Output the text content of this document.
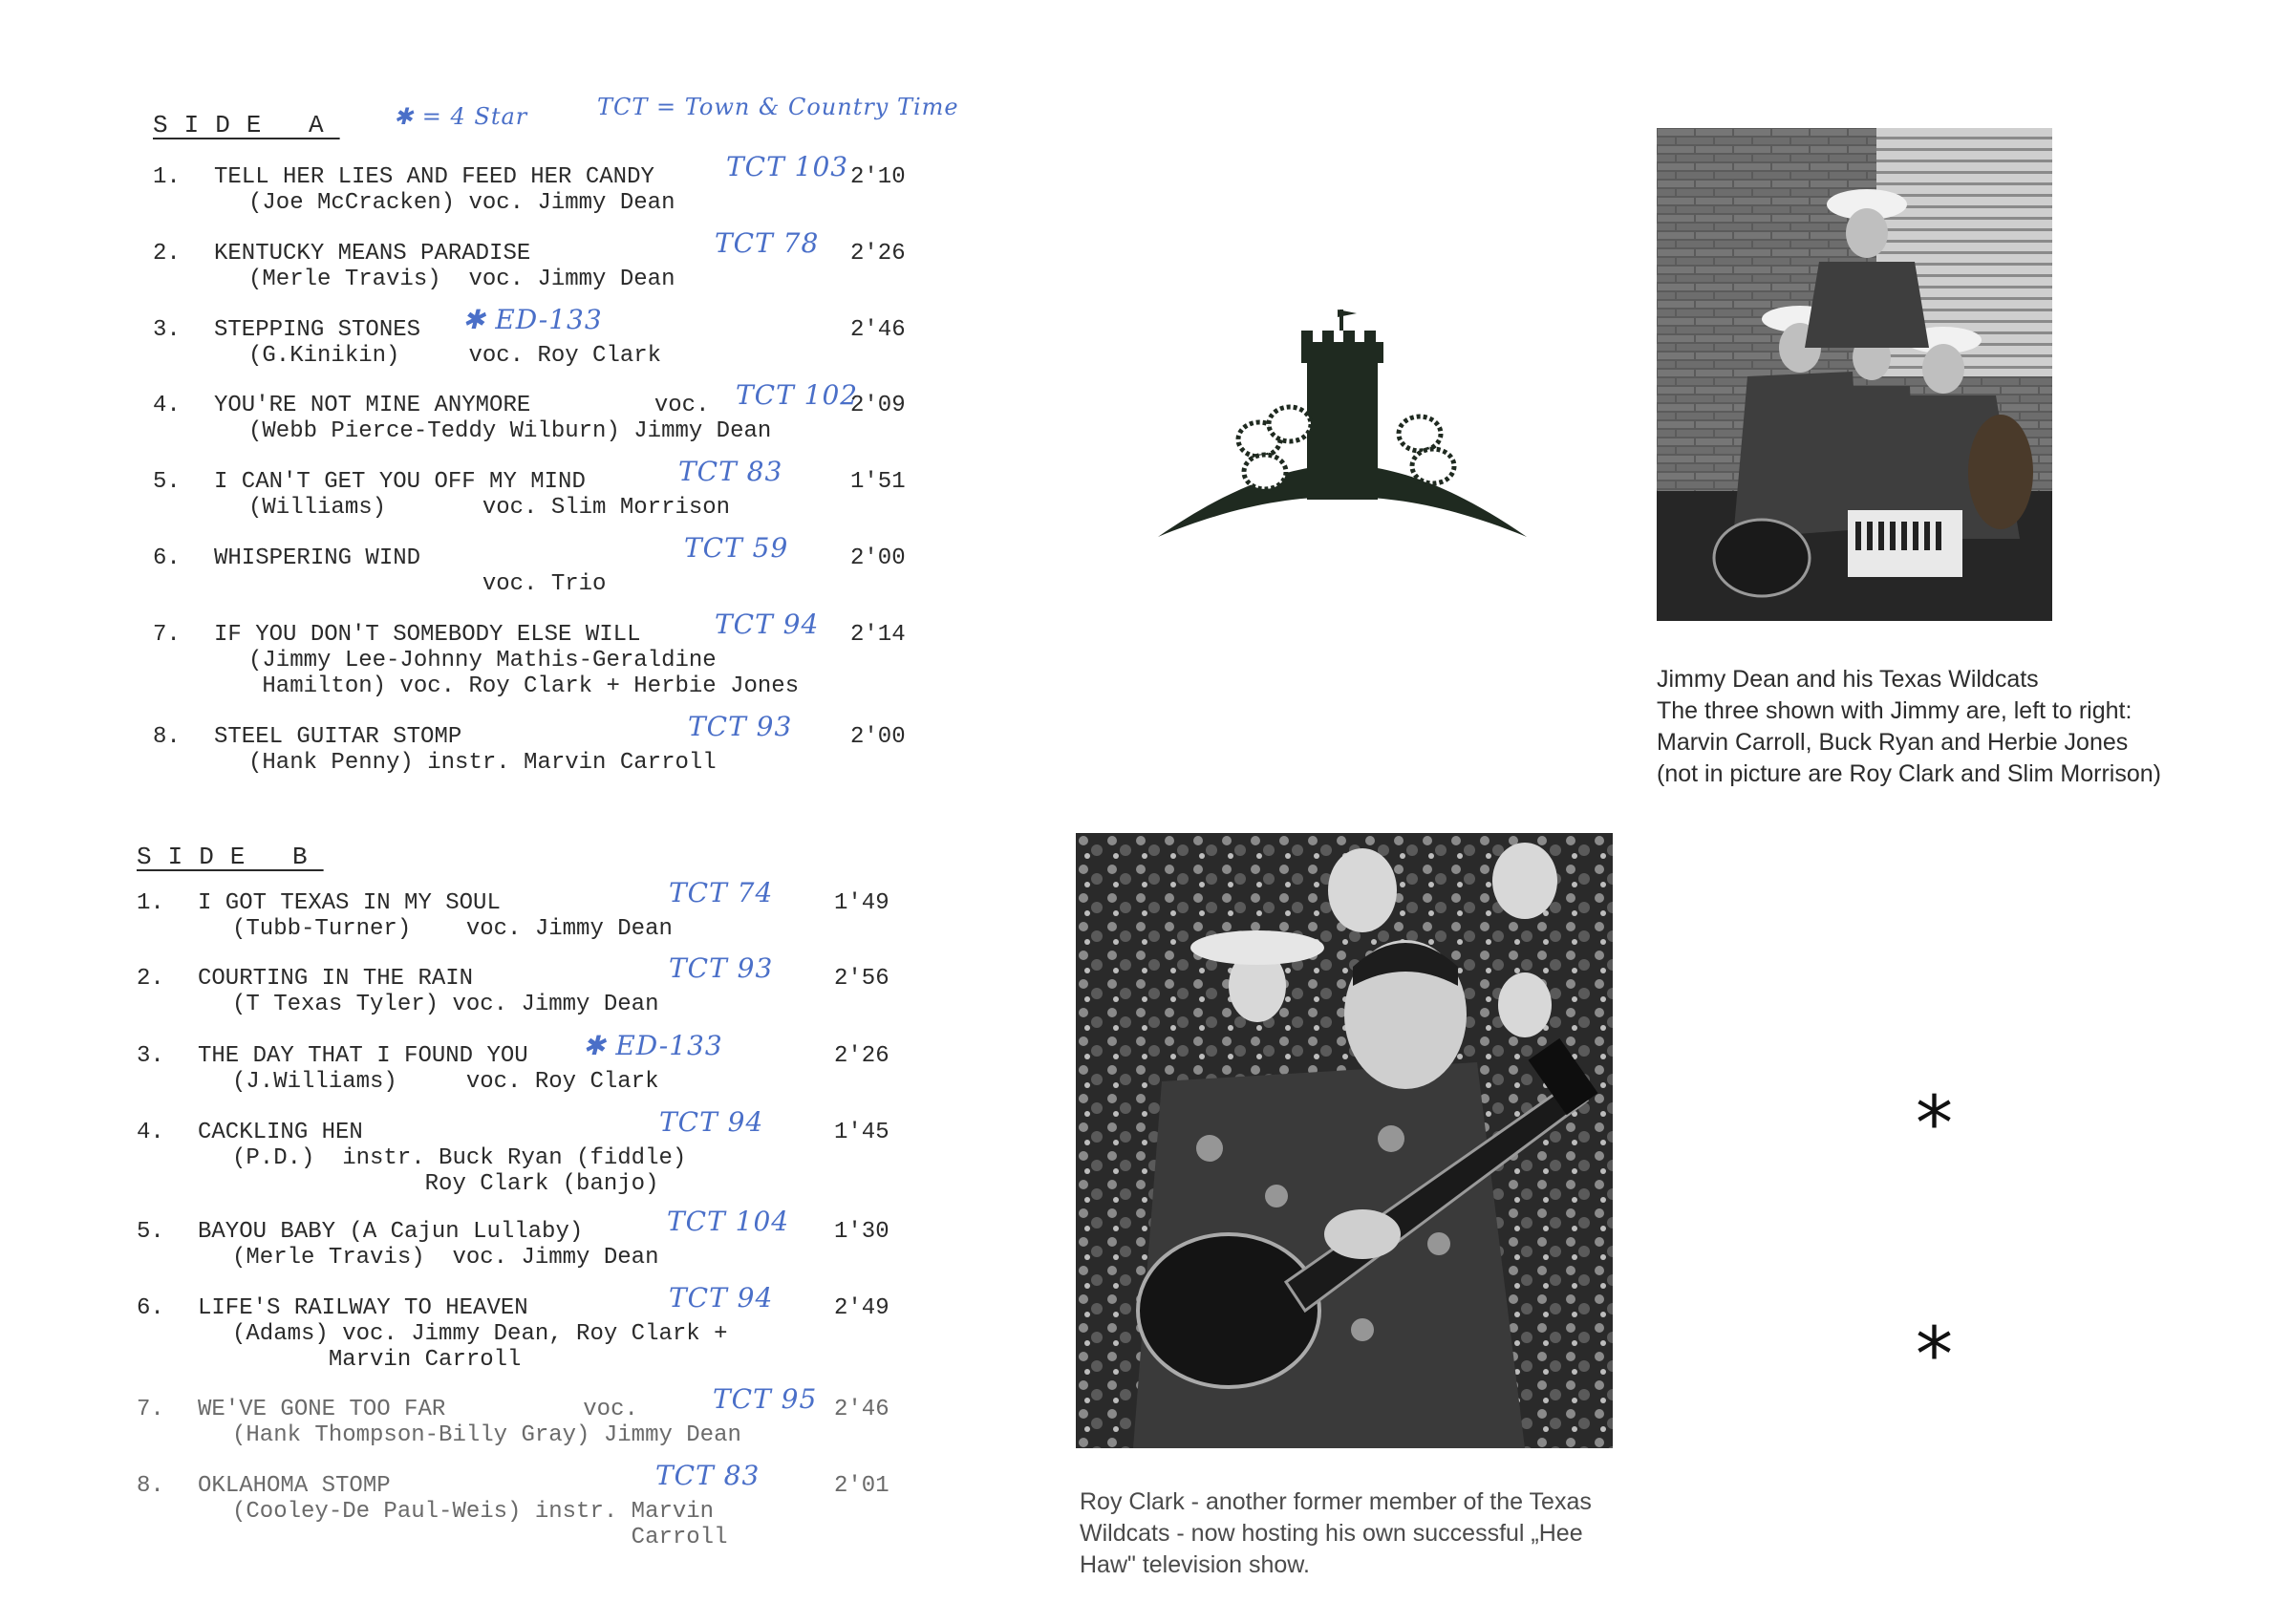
SIDE A ✱ = 4 Star	TCT = Town & Country Time
1. TELL HER LIES AND FEED HER CANDY
(Joe McCracken) voc. Jimmy Dean
2'10
TCT 103
2. KENTUCKY MEANS PARADISE
(Merle Travis)  voc. Jimmy Dean
2'26
TCT 78
3. STEPPING STONES
(G.Kinikin)     voc. Roy Clark
2'46
✱ ED-133
4. YOU'RE NOT MINE ANYMORE         voc.
(Webb Pierce-Teddy Wilburn) Jimmy Dean
2'09
TCT 102
5. I CAN'T GET YOU OFF MY MIND
(Williams)       voc. Slim Morrison
1'51
TCT 83
6. WHISPERING WIND
voc. Trio
2'00
TCT 59
7. IF YOU DON'T SOMEBODY ELSE WILL
(Jimmy Lee-Johnny Mathis-Geraldine
Hamilton) voc. Roy Clark + Herbie Jones
2'14
TCT 94
8. STEEL GUITAR STOMP
(Hank Penny) instr. Marvin Carroll
2'00
TCT 93
SIDE B
1. I GOT TEXAS IN MY SOUL
(Tubb-Turner)    voc. Jimmy Dean
1'49
TCT 74
2. COURTING IN THE RAIN
(T Texas Tyler) voc. Jimmy Dean
2'56
TCT 93
3. THE DAY THAT I FOUND YOU
(J.Williams)     voc. Roy Clark
2'26
✱ ED-133
4. CACKLING HEN
(P.D.)  instr. Buck Ryan (fiddle)
Roy Clark (banjo)
1'45
TCT 94
5. BAYOU BABY (A Cajun Lullaby)
(Merle Travis)  voc. Jimmy Dean
1'30
TCT 104
6. LIFE'S RAILWAY TO HEAVEN
(Adams) voc. Jimmy Dean, Roy Clark +
Marvin Carroll
2'49
TCT 94
7. WE'VE GONE TOO FAR          voc.
(Hank Thompson-Billy Gray) Jimmy Dean
2'46
TCT 95
8. OKLAHOMA STOMP
(Cooley-De Paul-Weis) instr. Marvin
Carroll
2'01
TCT 83
Jimmy Dean and his Texas Wildcats
The three shown with Jimmy are, left to right:
Marvin Carroll, Buck Ryan and Herbie Jones
(not in picture are Roy Clark and Slim Morrison)
Roy Clark - another former member of the Texas
Wildcats - now hosting his own successful „Hee
Haw" television show.
*
*
